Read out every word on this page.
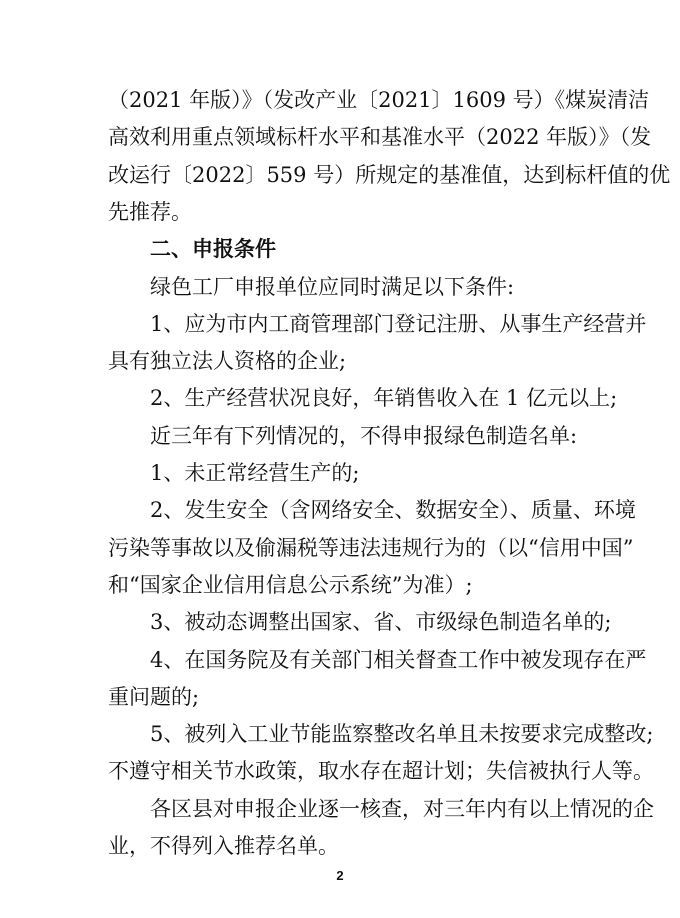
（2021 年版）》（发改产业〔2021〕1609 号）《煤炭清洁
高效利用重点领域标杆水平和基准水平（2022 年版）》（发
改运行〔2022〕559 号）所规定的基准值，达到标杆值的优
先推荐。
二、申报条件
绿色工厂申报单位应同时满足以下条件:
1、应为市内工商管理部门登记注册、从事生产经营并
具有独立法人资格的企业;
2、生产经营状况良好，年销售收入在 1 亿元以上;
近三年有下列情况的，不得申报绿色制造名单:
1、未正常经营生产的;
2、发生安全（含网络安全、数据安全）、质量、环境
污染等事故以及偷漏税等违法违规行为的（以“信用中国”
和“国家企业信用信息公示系统”为准）;
3、被动态调整出国家、省、市级绿色制造名单的;
4、在国务院及有关部门相关督查工作中被发现存在严
重问题的;
5、被列入工业节能监察整改名单且未按要求完成整改;
不遵守相关节水政策，取水存在超计划；失信被执行人等。
各区县对申报企业逐一核查，对三年内有以上情况的企
2
业，不得列入推荐名单。
